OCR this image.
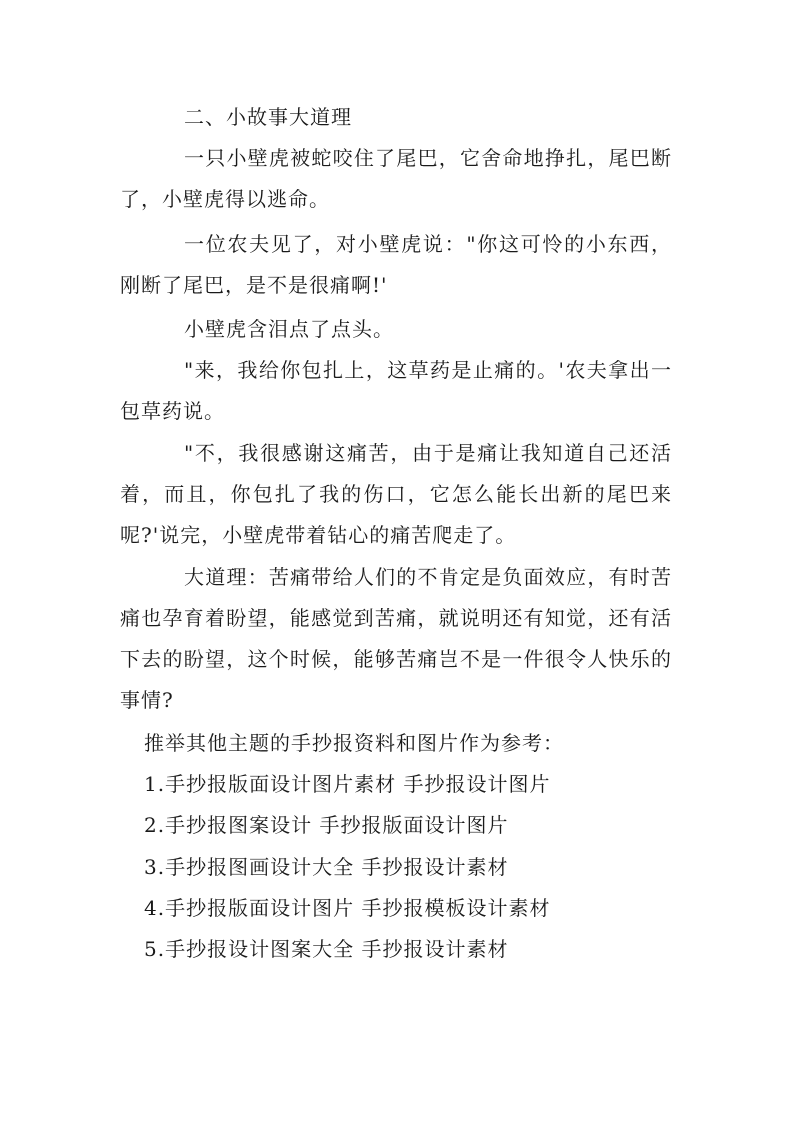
二、小故事大道理

一只小壁虎被蛇咬住了尾巴，它舍命地挣扎，尾巴断了，小壁虎得以逃命。

一位农夫见了，对小壁虎说："你这可怜的小东西，刚断了尾巴，是不是很痛啊!'

小壁虎含泪点了点头。

"来，我给你包扎上，这草药是止痛的。'农夫拿出一包草药说。

"不，我很感谢这痛苦，由于是痛让我知道自己还活着，而且，你包扎了我的伤口，它怎么能长出新的尾巴来呢?'说完，小壁虎带着钻心的痛苦爬走了。

大道理：苦痛带给人们的不肯定是负面效应，有时苦痛也孕育着盼望，能感觉到苦痛，就说明还有知觉，还有活下去的盼望，这个时候，能够苦痛岂不是一件很令人快乐的事情?

推举其他主题的手抄报资料和图片作为参考：

1.手抄报版面设计图片素材 手抄报设计图片

2.手抄报图案设计 手抄报版面设计图片

3.手抄报图画设计大全 手抄报设计素材

4.手抄报版面设计图片 手抄报模板设计素材

5.手抄报设计图案大全 手抄报设计素材
